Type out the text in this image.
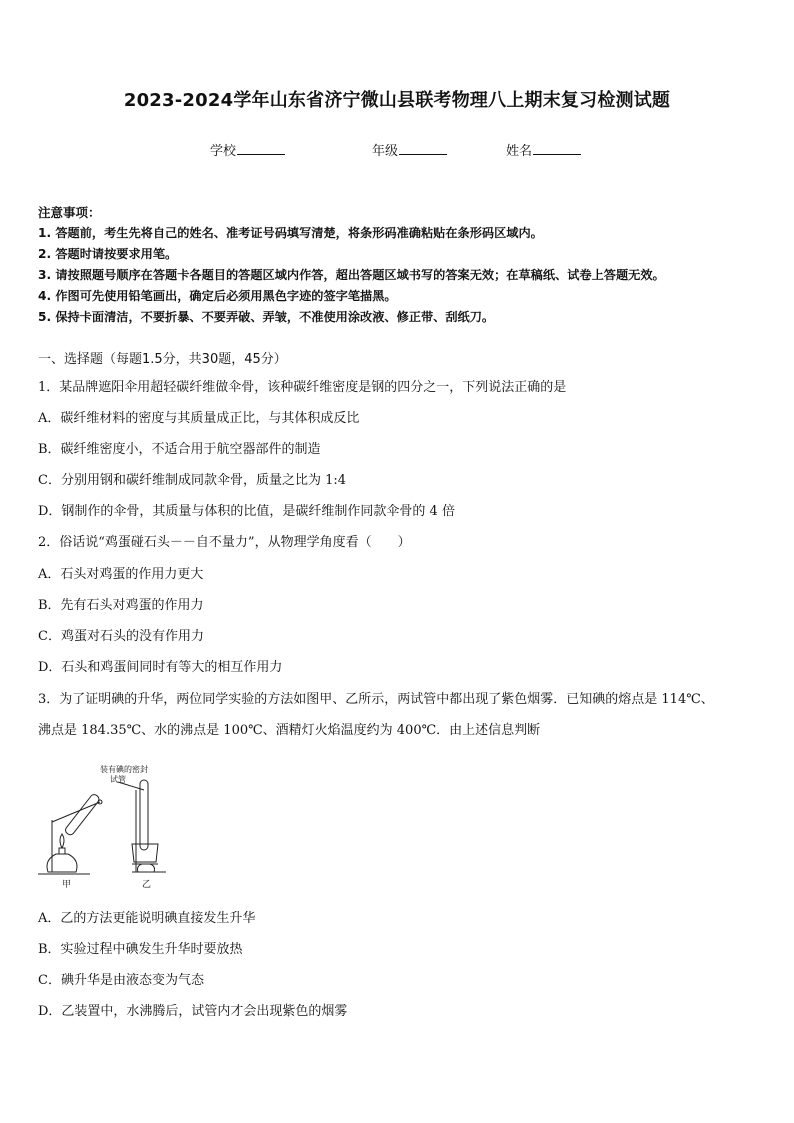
2023-2024学年山东省济宁微山县联考物理八上期末复习检测试题
学校	年级	姓名
注意事项：
1. 答题前，考生先将自己的姓名、准考证号码填写清楚，将条形码准确粘贴在条形码区域内。
2. 答题时请按要求用笔。
3. 请按照题号顺序在答题卡各题目的答题区域内作答，超出答题区域书写的答案无效；在草稿纸、试卷上答题无效。
4. 作图可先使用铅笔画出，确定后必须用黑色字迹的签字笔描黑。
5. 保持卡面清洁，不要折暴、不要弄破、弄皱，不准使用涂改液、修正带、刮纸刀。
一、选择题（每题1.5分，共30题，45分）
1．某品牌遮阳伞用超轻碳纤维做伞骨，该种碳纤维密度是钢的四分之一，下列说法正确的是
A．碳纤维材料的密度与其质量成正比，与其体积成反比
B．碳纤维密度小，不适合用于航空器部件的制造
C．分别用钢和碳纤维制成同款伞骨，质量之比为 1:4
D．钢制作的伞骨，其质量与体积的比值，是碳纤维制作同款伞骨的 4 倍
2．俗话说“鸡蛋碰石头－－自不量力”，从物理学角度看（　　）
A．石头对鸡蛋的作用力更大
B．先有石头对鸡蛋的作用力
C．鸡蛋对石头的没有作用力
D．石头和鸡蛋间同时有等大的相互作用力
3．为了证明碘的升华，两位同学实验的方法如图甲、乙所示，两试管中都出现了紫色烟雾．已知碘的熔点是 114℃、
沸点是 184.35℃、水的沸点是 100℃、酒精灯火焰温度约为 400℃．由上述信息判断
装有碘的密封
试管
甲	乙
A．乙的方法更能说明碘直接发生升华
B．实验过程中碘发生升华时要放热
C．碘升华是由液态变为气态
D．乙装置中，水沸腾后，试管内才会出现紫色的烟雾
